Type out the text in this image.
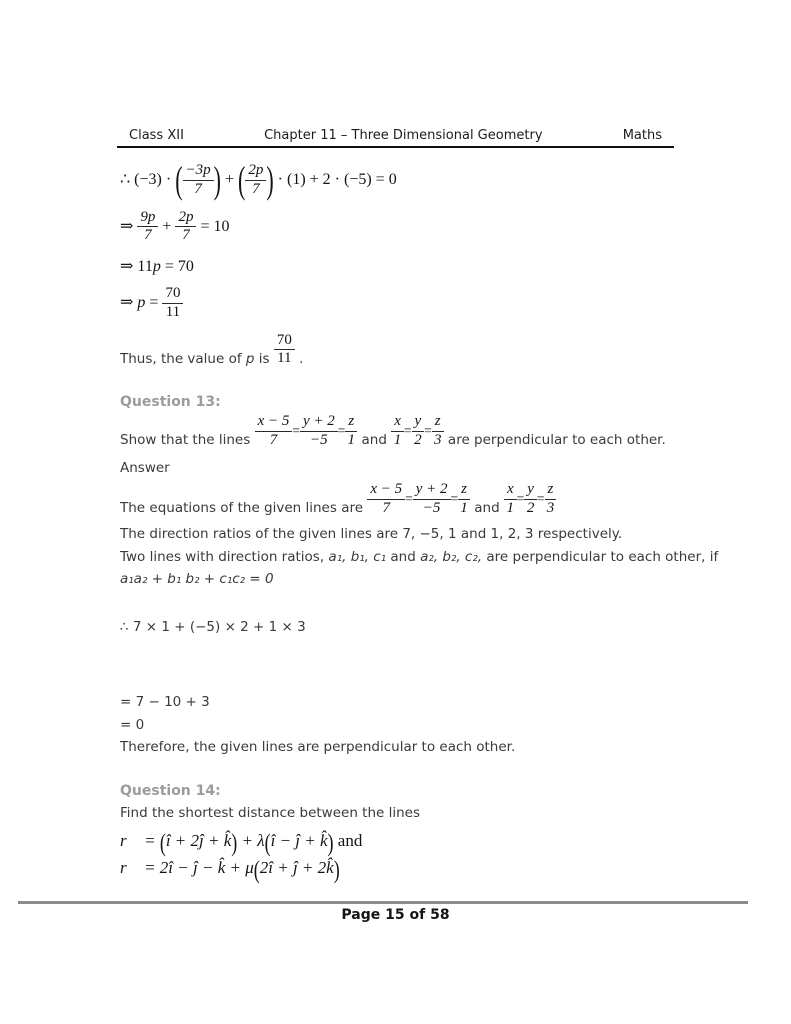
Class XII	Chapter 11 – Three Dimensional Geometry	Maths
∴ (−3) · ( $\frac{-3p}{7}$ ) + ( $\frac{2p}{7}$ ) · (1) + 2 · (−5) = 0
⇒ $\frac{9p}{7} + \frac{2p}{7} = 10$
⇒ 11p = 70
⇒ $p = \frac{70}{11}$
Thus, the value of p is $\frac{70}{11}$ .
Question 13:
Show that the lines $\frac{x - 5}{7} = \frac{y + 2}{-5} = \frac{z}{1}$ and $\frac{x}{1} = \frac{y}{2} = \frac{z}{3}$ are perpendicular to each other.
Answer
The equations of the given lines are $\frac{x - 5}{7} = \frac{y + 2}{-5} = \frac{z}{1}$ and $\frac{x}{1} = \frac{y}{2} = \frac{z}{3}$
The direction ratios of the given lines are 7, −5, 1 and 1, 2, 3 respectively.
Two lines with direction ratios, a₁, b₁, c₁ and a₂, b₂, c₂, are perpendicular to each other, if
a₁a₂ + b₁ b₂ + c₁c₂ = 0
∴ 7 × 1 + (−5) × 2 + 1 × 3
= 7 − 10 + 3
= 0
Therefore, the given lines are perpendicular to each other.
Question 14:
Find the shortest distance between the lines
r⃗ = (î + 2ĵ + k̂) + λ(î − ĵ + k̂) and
r⃗ = 2î − ĵ − k̂ + μ(2î + ĵ + 2k̂)
Page 15 of 58
